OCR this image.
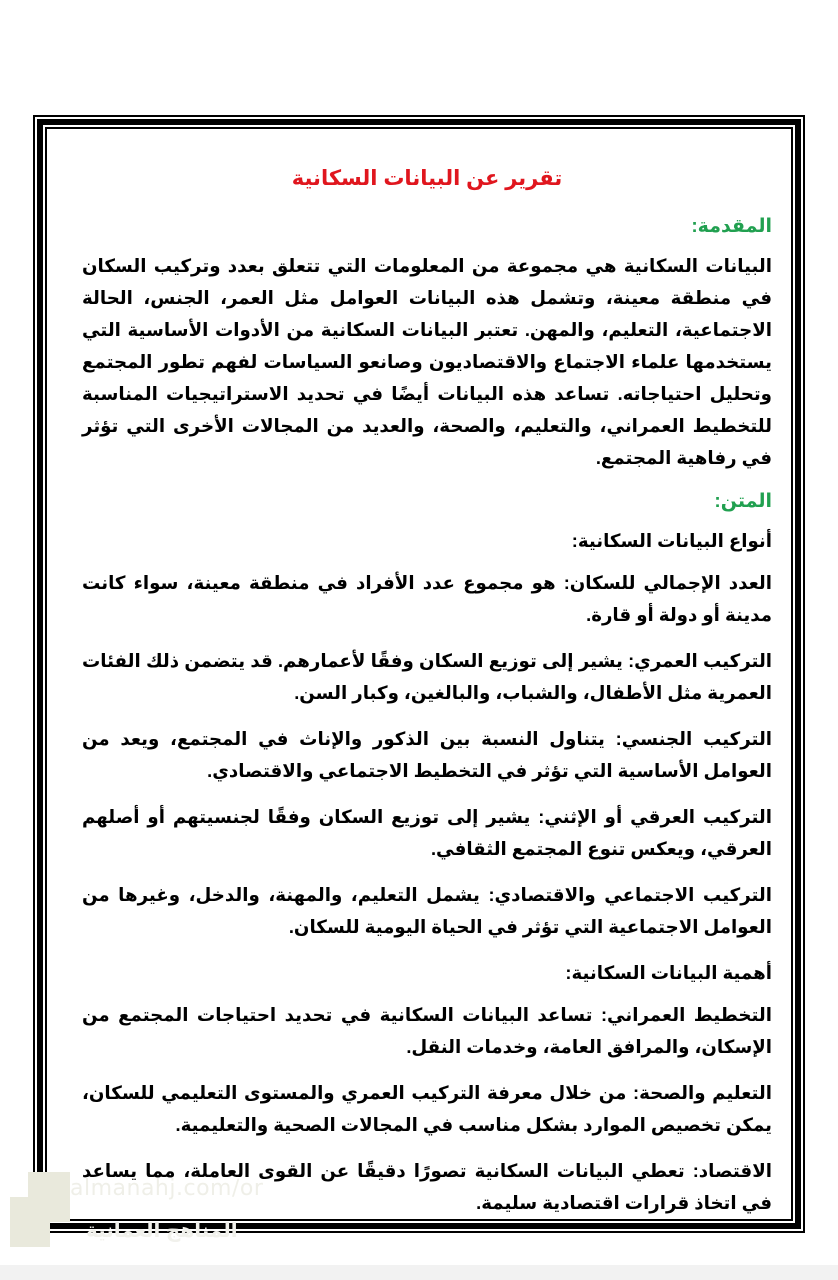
تقرير عن البيانات السكانية
المقدمة:

البيانات السكانية هي مجموعة من المعلومات التي تتعلق بعدد وتركيب السكان في منطقة معينة، وتشمل هذه البيانات العوامل مثل العمر، الجنس، الحالة الاجتماعية، التعليم، والمهن. تعتبر البيانات السكانية من الأدوات الأساسية التي يستخدمها علماء الاجتماع والاقتصاديون وصانعو السياسات لفهم تطور المجتمع وتحليل احتياجاته. تساعد هذه البيانات أيضًا في تحديد الاستراتيجيات المناسبة للتخطيط العمراني، والتعليم، والصحة، والعديد من المجالات الأخرى التي تؤثر في رفاهية المجتمع.

المتن:

أنواع البيانات السكانية:

العدد الإجمالي للسكان: هو مجموع عدد الأفراد في منطقة معينة، سواء كانت مدينة أو دولة أو قارة.

التركيب العمري: يشير إلى توزيع السكان وفقًا لأعمارهم. قد يتضمن ذلك الفئات العمرية مثل الأطفال، والشباب، والبالغين، وكبار السن.

التركيب الجنسي: يتناول النسبة بين الذكور والإناث في المجتمع، ويعد من العوامل الأساسية التي تؤثر في التخطيط الاجتماعي والاقتصادي.

التركيب العرقي أو الإثني: يشير إلى توزيع السكان وفقًا لجنسيتهم أو أصلهم العرقي، ويعكس تنوع المجتمع الثقافي.

التركيب الاجتماعي والاقتصادي: يشمل التعليم، والمهنة، والدخل، وغيرها من العوامل الاجتماعية التي تؤثر في الحياة اليومية للسكان.

أهمية البيانات السكانية:

التخطيط العمراني: تساعد البيانات السكانية في تحديد احتياجات المجتمع من الإسكان، والمرافق العامة، وخدمات النقل.

التعليم والصحة: من خلال معرفة التركيب العمري والمستوى التعليمي للسكان، يمكن تخصيص الموارد بشكل مناسب في المجالات الصحية والتعليمية.

الاقتصاد: تعطي البيانات السكانية تصورًا دقيقًا عن القوى العاملة، مما يساعد في اتخاذ قرارات اقتصادية سليمة.

almanahj.com/or
المناهج العمانية
